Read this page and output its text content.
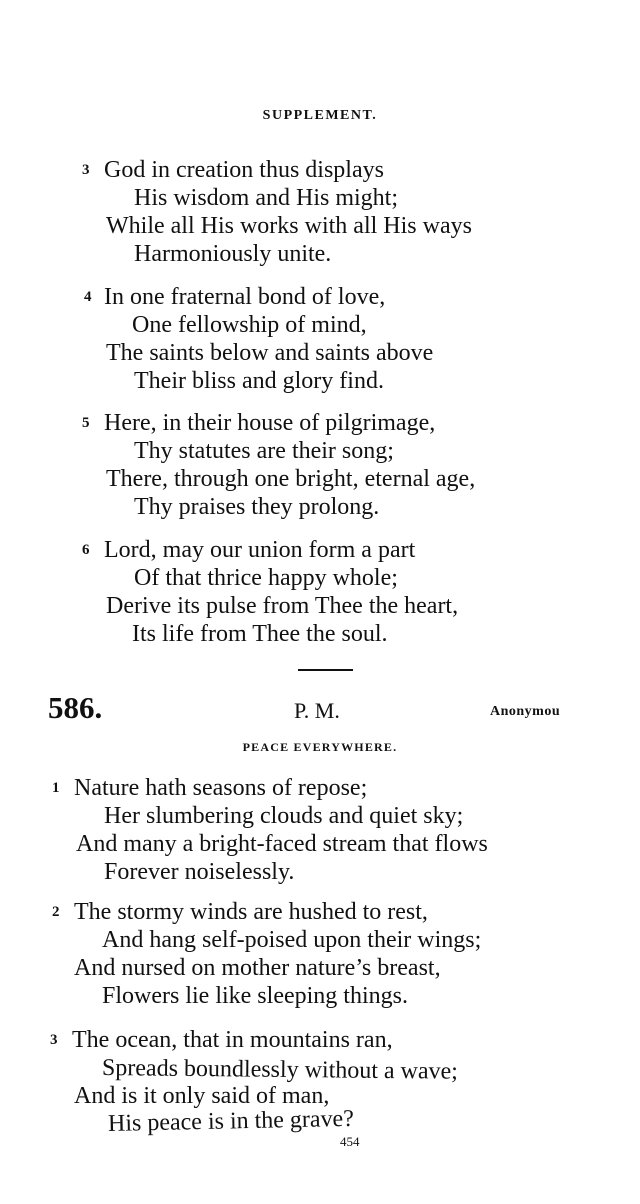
SUPPLEMENT.
3 God in creation thus displays
His wisdom and His might;
While all His works with all His ways
Harmoniously unite.
4 In one fraternal bond of love,
One fellowship of mind,
The saints below and saints above
Their bliss and glory find.
5 Here, in their house of pilgrimage,
Thy statutes are their song;
There, through one bright, eternal age,
Thy praises they prolong.
6 Lord, may our union form a part
Of that thrice happy whole;
Derive its pulse from Thee the heart,
Its life from Thee the soul.
586.	P. M.	Anonymou
PEACE EVERYWHERE.
1 Nature hath seasons of repose;
Her slumbering clouds and quiet sky;
And many a bright-faced stream that flows
Forever noiselessly.
2 The stormy winds are hushed to rest,
And hang self-poised upon their wings;
And nursed on mother nature’s breast,
Flowers lie like sleeping things.
3 The ocean, that in mountains ran,
Spreads boundlessly without a wave;
And is it only said of man,
His peace is in the grave?
454
